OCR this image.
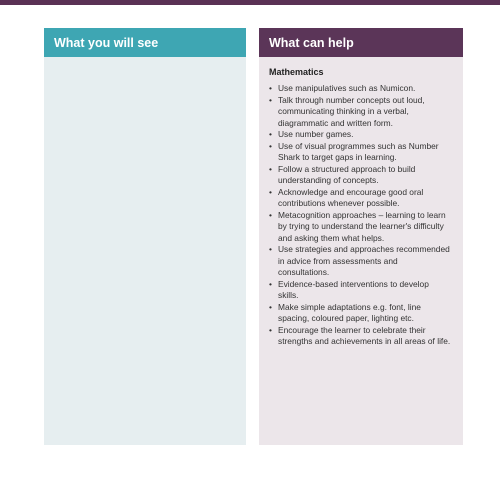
What you will see	What can help
Mathematics
• Use manipulatives such as Numicon.
• Talk through number concepts out loud, communicating thinking in a verbal, diagrammatic and written form.
• Use number games.
• Use of visual programmes such as Number Shark to target gaps in learning.
• Follow a structured approach to build understanding of concepts.
• Acknowledge and encourage good oral contributions whenever possible.
• Metacognition approaches – learning to learn by trying to understand the learner's difficulty and asking them what helps.
• Use strategies and approaches recommended in advice from assessments and consultations.
• Evidence-based interventions to develop skills.
• Make simple adaptations e.g. font, line spacing, coloured paper, lighting etc.
• Encourage the learner to celebrate their strengths and achievements in all areas of life.
